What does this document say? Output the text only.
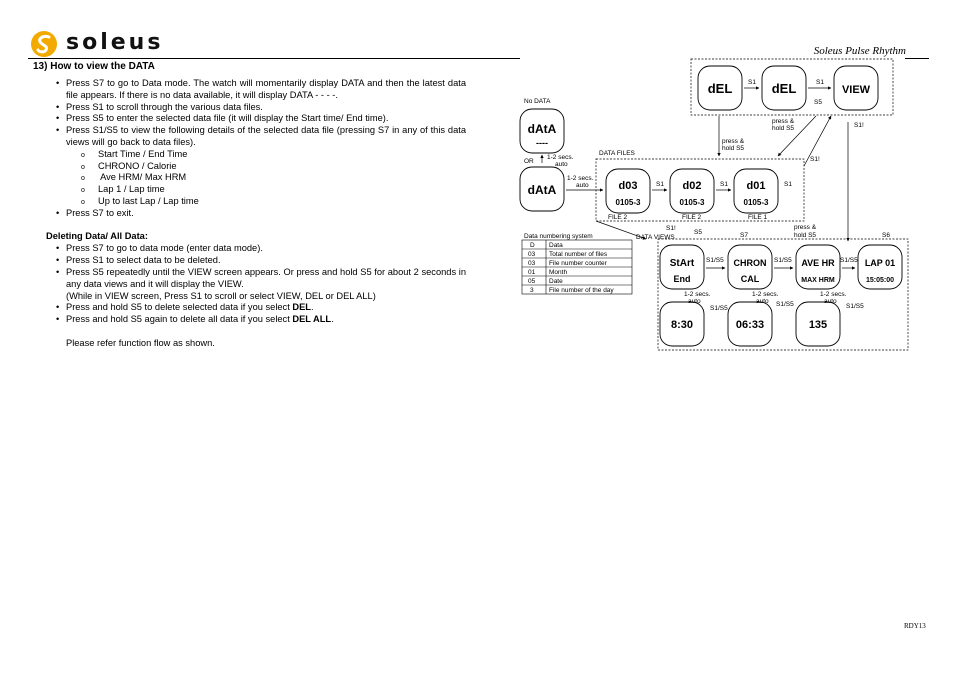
soleus	Soleus Pulse Rhythm
13) How to view the DATA
• Press S7 to go to Data mode. The watch will momentarily display DATA and then the latest data file appears. If there is no data available, it will display DATA - - - -.
• Press S1 to scroll through the various data files.
• Press S5 to enter the selected data file (it will display the Start time/ End time).
• Press S1/S5 to view the following details of the selected data file (pressing S7 in any of this data views will go back to data files).
o Start Time / End Time
o CHRONO / Calorie
o  Ave HRM/ Max HRM
o Lap 1 / Lap time
o Up to last Lap / Lap time
• Press S7 to exit.
Deleting Data/ All Data:
• Press S7 to go to data mode (enter data mode).
• Press S1 to select data to be deleted.
• Press S5 repeatedly until the VIEW screen appears. Or press and hold S5 for about 2 seconds in any data views and it will display the VIEW.
(While in VIEW screen, Press S1 to scroll or select VIEW, DEL or DEL ALL)
• Press and hold S5 to delete selected data if you select DEL.
• Press and hold S5 again to delete all data if you select DEL ALL.
Please refer function flow as shown.
dEL	dEL	VIEW
dAtA
----
dAtA	d03
0105-3
d02
0105-3
d01
0105-3
StArt
End
CHRON
CAL
AVE HR
MAX HRM
LAP 01
15:05:00
8:30	06:33	135
No DATA
OR
1-2 secs.
auto
1-2 secs.
auto
DATA FILES
press &
hold S5
press &
hold S5
S1	S1
S5
S1!
S1!
S1	S1	S1
FILE 2	FILE 2	FILE 1
DATA VIEWS
S1!
S5	S7
press &
hold S5	S6
S1/S5	S1/S5	S1/S5
1-2 secs.
auto
1-2 secs.
auto
1-2 secs.
auto
S1/S5
S1/S5	S1/S5
Data numbering system
D Data
03 Total number of files
03 File number counter
01 Month
05 Date
3 File number of the day
RDY13
